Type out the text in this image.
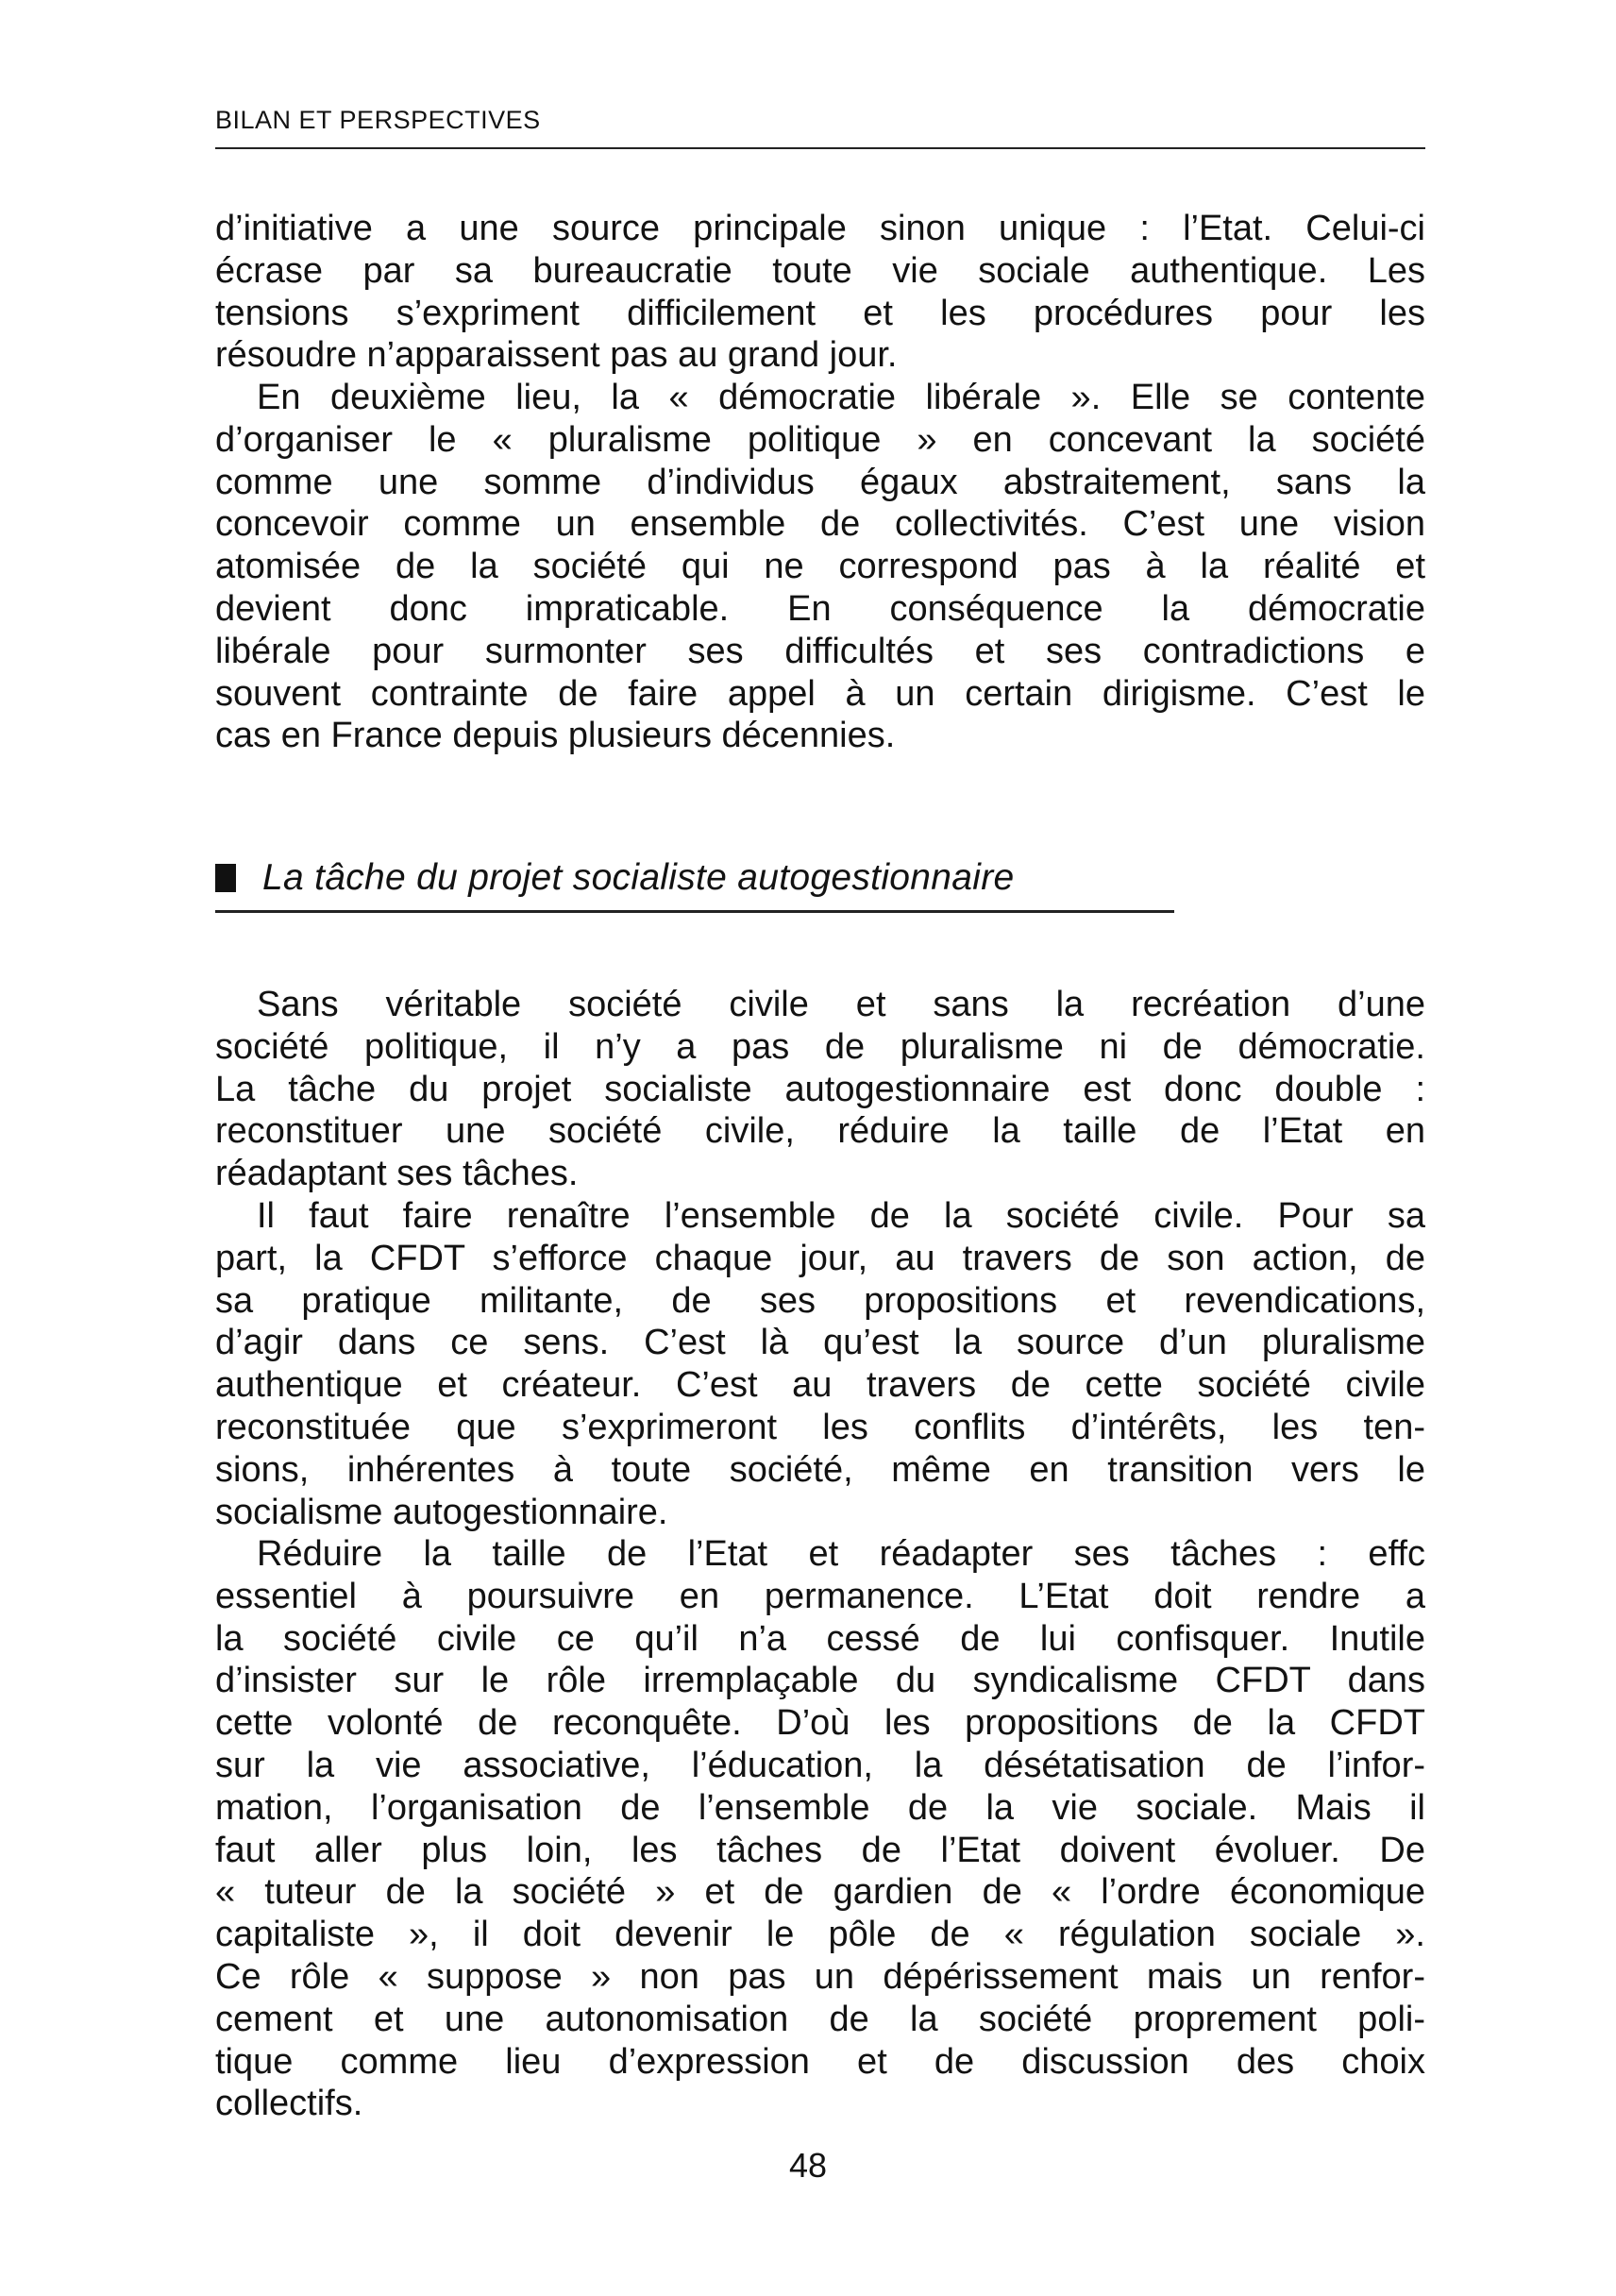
BILAN ET PERSPECTIVES
d’initiative a une source principale sinon unique : l’Etat. Celui-ci
écrase par sa bureaucratie toute vie sociale authentique. Les
tensions s’expriment difficilement et les procédures pour les
résoudre n’apparaissent pas au grand jour.
En deuxième lieu, la « démocratie libérale ». Elle se contente
d’organiser le « pluralisme politique » en concevant la société
comme une somme d’individus égaux abstraitement, sans la
concevoir comme un ensemble de collectivités. C’est une vision
atomisée de la société qui ne correspond pas à la réalité et
devient donc impraticable. En conséquence la démocratie
libérale pour surmonter ses difficultés et ses contradictions e
souvent contrainte de faire appel à un certain dirigisme. C’est le
cas en France depuis plusieurs décennies.
La tâche du projet socialiste autogestionnaire
Sans véritable société civile et sans la recréation d’une
société politique, il n’y a pas de pluralisme ni de démocratie.
La tâche du projet socialiste autogestionnaire est donc double :
reconstituer une société civile, réduire la taille de l’Etat en
réadaptant ses tâches.
Il faut faire renaître l’ensemble de la société civile. Pour sa
part, la CFDT s’efforce chaque jour, au travers de son action, de
sa pratique militante, de ses propositions et revendications,
d’agir dans ce sens. C’est là qu’est la source d’un pluralisme
authentique et créateur. C’est au travers de cette société civile
reconstituée que s’exprimeront les conflits d’intérêts, les ten-
sions, inhérentes à toute société, même en transition vers le
socialisme autogestionnaire.
Réduire la taille de l’Etat et réadapter ses tâches : effc
essentiel à poursuivre en permanence. L’Etat doit rendre a
la société civile ce qu’il n’a cessé de lui confisquer. Inutile
d’insister sur le rôle irremplaçable du syndicalisme CFDT dans
cette volonté de reconquête. D’où les propositions de la CFDT
sur la vie associative, l’éducation, la désétatisation de l’infor-
mation, l’organisation de l’ensemble de la vie sociale. Mais il
faut aller plus loin, les tâches de l’Etat doivent évoluer. De
« tuteur de la société » et de gardien de « l’ordre économique
capitaliste », il doit devenir le pôle de « régulation sociale ».
Ce rôle « suppose » non pas un dépérissement mais un renfor-
cement et une autonomisation de la société proprement poli-
tique comme lieu d’expression et de discussion des choix
collectifs.
48
